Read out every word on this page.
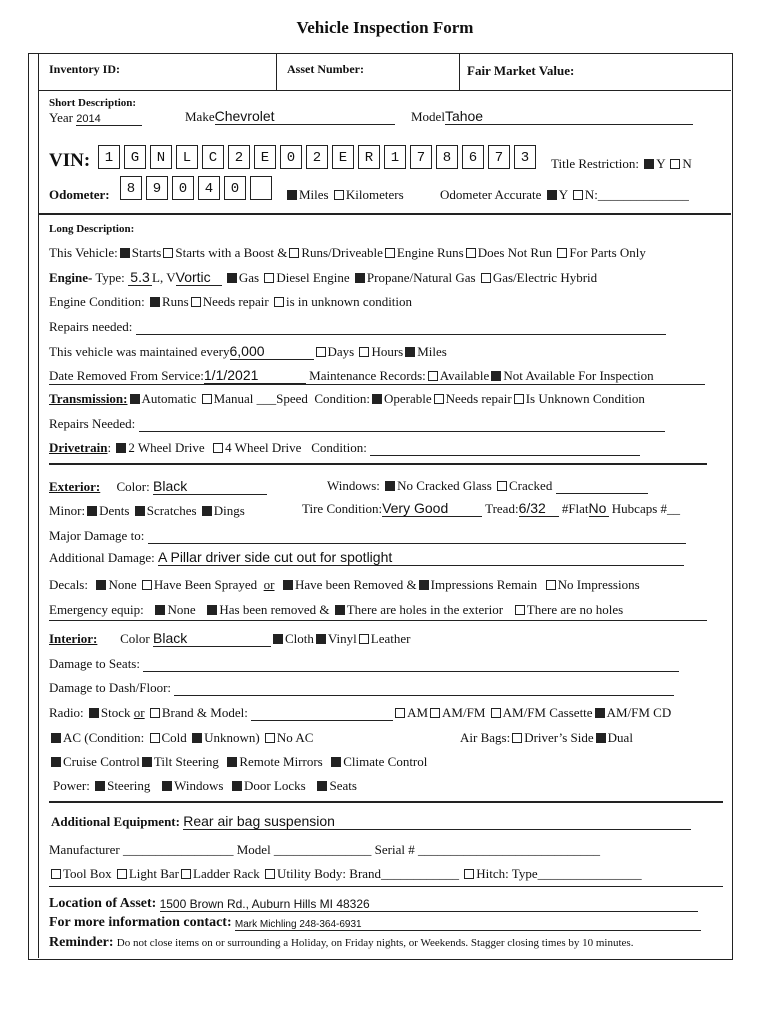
Vehicle Inspection Form
Inventory ID:	Asset Number:	Fair Market Value:
Short Description:
Year 2014	MakeChevrolet	ModelTahoe
VIN:	1	G	N	L	C	2	E	0	2	E	R	1	7	8	6	7	3	Title Restriction: Y N
Odometer:	8	9	0	4	0	Miles Kilometers	Odometer Accurate Y N:______________
Long Description:
This Vehicle: Starts Starts with a Boost & Runs/Driveable Engine Runs Does Not Run For Parts Only
Engine- Type: 5.3 L, VVortic Gas Diesel Engine Propane/Natural Gas Gas/Electric Hybrid
Engine Condition: Runs Needs repair is in unknown condition
Repairs needed:
This vehicle was maintained every6,000	Days Hours Miles
Date Removed From Service:1/1/2021	Maintenance Records: Available Not Available For Inspection
Transmission: Automatic Manual ___Speed Condition: Operable Needs repair Is Unknown Condition
Repairs Needed:
Drivetrain: 2 Wheel Drive 4 Wheel Drive Condition:
Exterior: Color: Black	Windows: No Cracked Glass Cracked
Minor: Dents Scratches Dings	Tire Condition:Very Good	Tread:6/32 #FlatNo Hubcaps #__
Major Damage to:
Additional Damage: A Pillar driver side cut out for spotlight
Decals: None Have Been Sprayed or Have been Removed & Impressions Remain No Impressions
Emergency equip: None Has been removed & There are holes in the exterior There are no holes
Interior: Color Black	Cloth Vinyl Leather
Damage to Seats:
Damage to Dash/Floor:
Radio: Stock or Brand & Model:	AM AM/FM AM/FM Cassette AM/FM CD
AC (Condition: Cold Unknown) No AC	Air Bags: Driver’s Side Dual
Cruise Control Tilt Steering Remote Mirrors Climate Control
Power: Steering Windows Door Locks Seats
Additional Equipment: Rear air bag suspension
Manufacturer _________________ Model _______________ Serial # ____________________________
Tool Box Light Bar Ladder Rack Utility Body: Brand____________ Hitch: Type________________
Location of Asset: 1500 Brown Rd., Auburn Hills MI 48326
For more information contact: Mark Michling 248-364-6931
Reminder: Do not close items on or surrounding a Holiday, on Friday nights, or Weekends. Stagger closing times by 10 minutes.
